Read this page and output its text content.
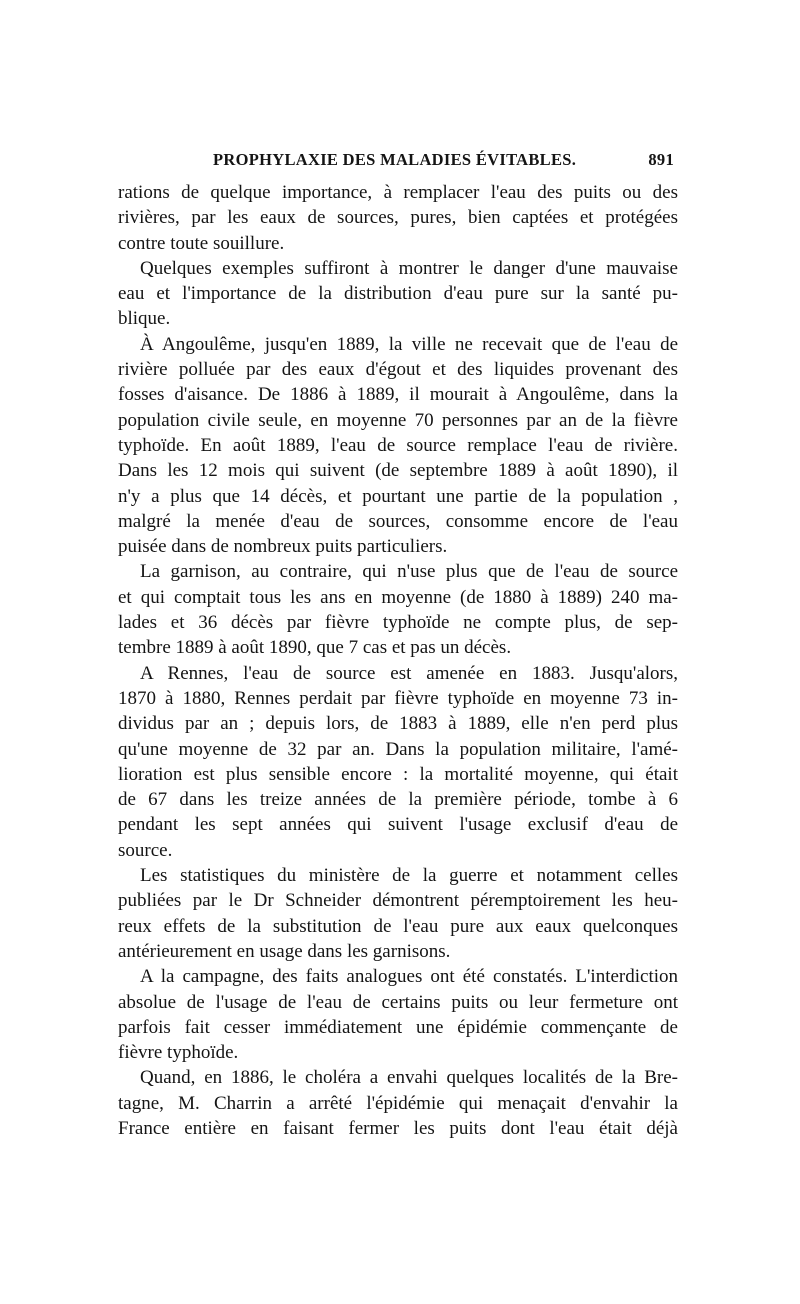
PROPHYLAXIE DES MALADIES ÉVITABLES.	891

rations de quelque importance, à remplacer l'eau des puits ou des
rivières, par les eaux de sources, pures, bien captées et protégées
contre toute souillure.

Quelques exemples suffiront à montrer le danger d'une mauvaise
eau et l'importance de la distribution d'eau pure sur la santé pu-
blique.

À Angoulême, jusqu'en 1889, la ville ne recevait que de l'eau de
rivière polluée par des eaux d'égout et des liquides provenant des
fosses d'aisance. De 1886 à 1889, il mourait à Angoulême, dans la
population civile seule, en moyenne 70 personnes par an de la fièvre
typhoïde. En août 1889, l'eau de source remplace l'eau de rivière.
Dans les 12 mois qui suivent (de septembre 1889 à août 1890), il
n'y a plus que 14 décès, et pourtant une partie de la population ,
malgré la menée d'eau de sources, consomme encore de l'eau
puisée dans de nombreux puits particuliers.

La garnison, au contraire, qui n'use plus que de l'eau de source
et qui comptait tous les ans en moyenne (de 1880 à 1889) 240 ma-
lades et 36 décès par fièvre typhoïde ne compte plus, de sep-
tembre 1889 à août 1890, que 7 cas et pas un décès.

A Rennes, l'eau de source est amenée en 1883. Jusqu'alors,
1870 à 1880, Rennes perdait par fièvre typhoïde en moyenne 73 in-
dividus par an ; depuis lors, de 1883 à 1889, elle n'en perd plus
qu'une moyenne de 32 par an. Dans la population militaire, l'amé-
lioration est plus sensible encore : la mortalité moyenne, qui était
de 67 dans les treize années de la première période, tombe à 6
pendant les sept années qui suivent l'usage exclusif d'eau de
source.

Les statistiques du ministère de la guerre et notamment celles
publiées par le Dr Schneider démontrent péremptoirement les heu-
reux effets de la substitution de l'eau pure aux eaux quelconques
antérieurement en usage dans les garnisons.

A la campagne, des faits analogues ont été constatés. L'interdiction
absolue de l'usage de l'eau de certains puits ou leur fermeture ont
parfois fait cesser immédiatement une épidémie commençante de
fièvre typhoïde.

Quand, en 1886, le choléra a envahi quelques localités de la Bre-
tagne, M. Charrin a arrêté l'épidémie qui menaçait d'envahir la
France entière en faisant fermer les puits dont l'eau était déjà
